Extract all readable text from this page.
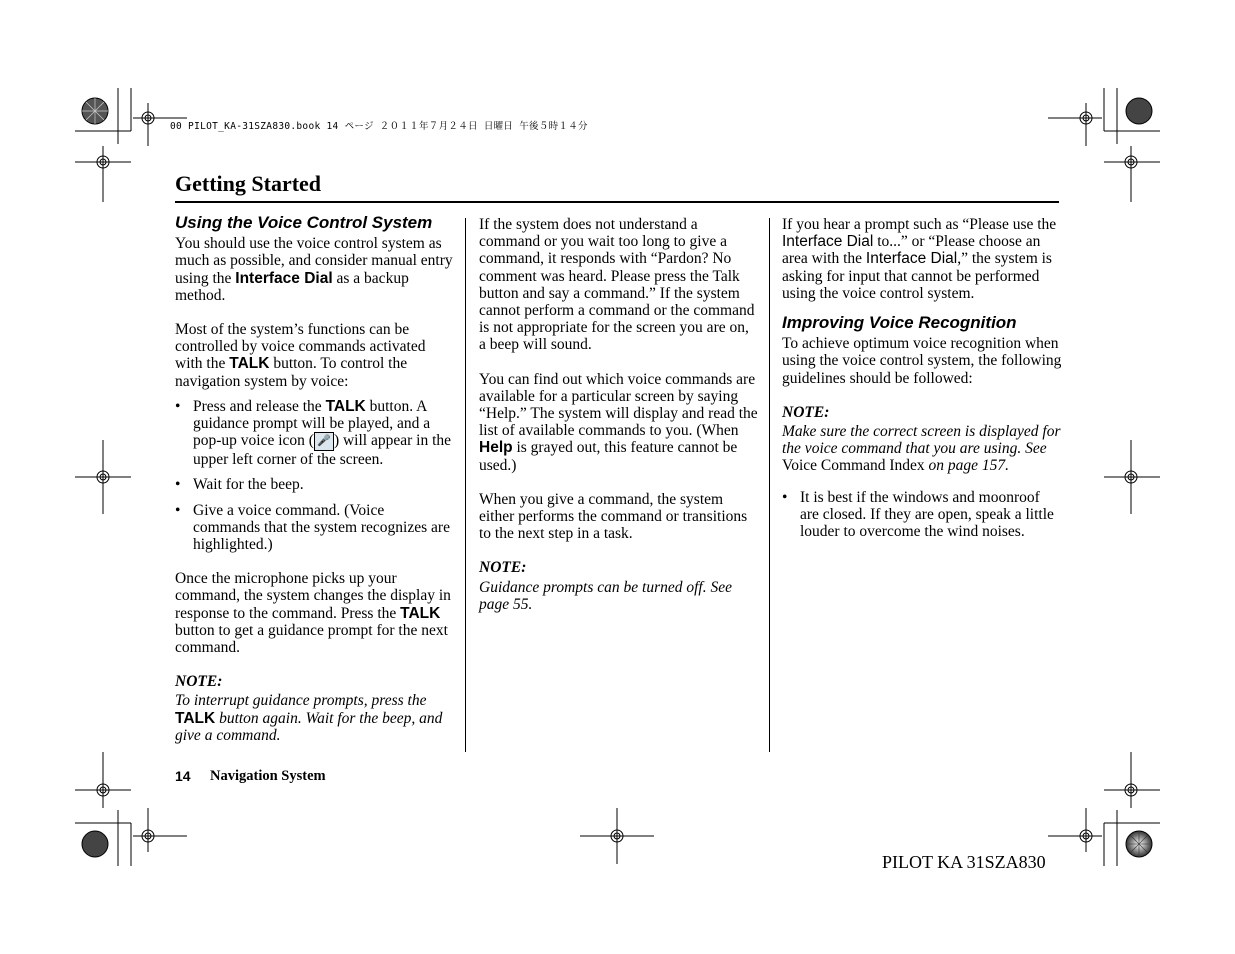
00 PILOT_KA-31SZA830.book 14 ページ ２０１１年７月２４日 日曜日 午後５時１４分
Getting Started
Using the Voice Control System

You should use the voice control system as much as possible, and consider manual entry using the Interface Dial as a backup method.

Most of the system’s functions can be controlled by voice commands activated with the TALK button. To control the navigation system by voice:

• Press and release the TALK button. A guidance prompt will be played, and a pop-up voice icon ( 🎤 ) will appear in the upper left corner of the screen.
• Wait for the beep.
• Give a voice command. (Voice commands that the system recognizes are highlighted.)

Once the microphone picks up your command, the system changes the display in response to the command. Press the TALK button to get a guidance prompt for the next command.

NOTE:
To interrupt guidance prompts, press the TALK button again. Wait for the beep, and give a command.

If the system does not understand a command or you wait too long to give a command, it responds with “Pardon? No comment was heard. Please press the Talk button and say a command.” If the system cannot perform a command or the command is not appropriate for the screen you are on, a beep will sound.

You can find out which voice commands are available for a particular screen by saying “Help.” The system will display and read the list of available commands to you. (When Help is grayed out, this feature cannot be used.)

When you give a command, the system either performs the command or transitions to the next step in a task.

NOTE:
Guidance prompts can be turned off. See page 55.

If you hear a prompt such as “Please use the Interface Dial to...” or “Please choose an area with the Interface Dial,” the system is asking for input that cannot be performed using the voice control system.

Improving Voice Recognition

To achieve optimum voice recognition when using the voice control system, the following guidelines should be followed:

NOTE:
Make sure the correct screen is displayed for the voice command that you are using. See Voice Command Index on page 157.
• It is best if the windows and moonroof are closed. If they are open, speak a little louder to overcome the wind noises.
14 Navigation System
PILOT KA 31SZA830
